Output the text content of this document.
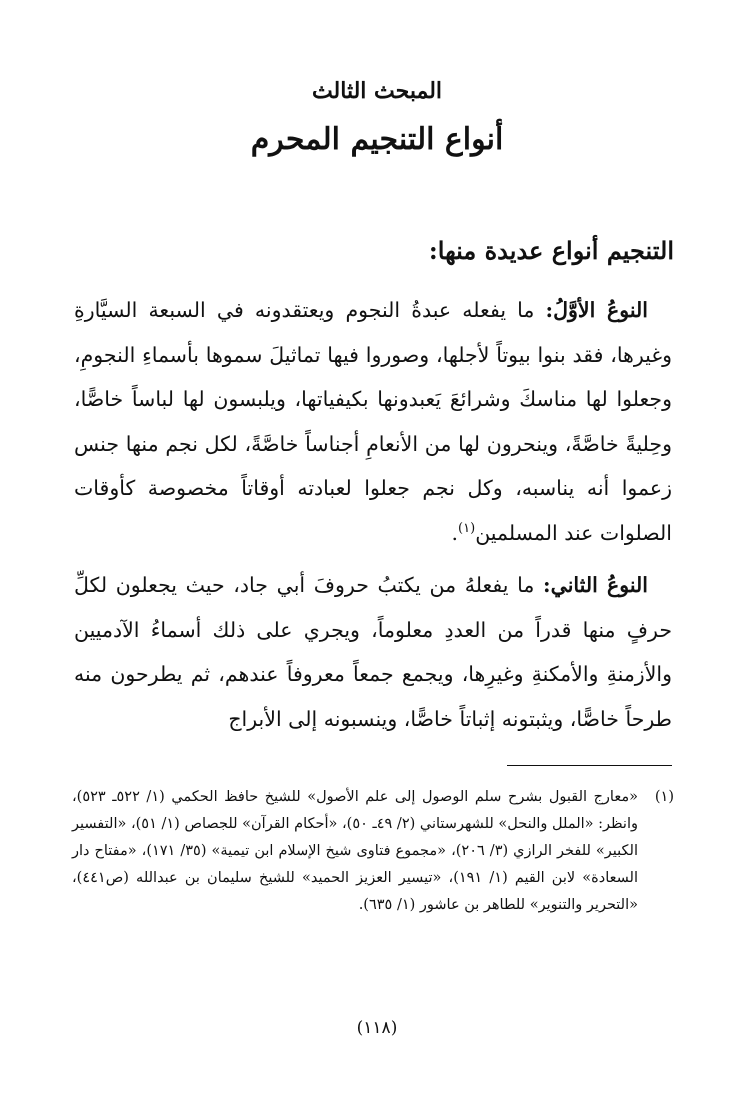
المبحث الثالث
أنواع التنجيم المحرم
التنجيم أنواع عديدة منها:

النوعُ الأوَّلُ: ما يفعله عبدةُ النجوم ويعتقدونه في السبعة السيَّارةِ وغيرها، فقد بنوا بيوتاً لأجلها، وصوروا فيها تماثيلَ سموها بأسماءِ النجومِ، وجعلوا لها مناسكَ وشرائعَ يَعبدونها بكيفياتها، ويلبسون لها لباساً خاصًّا، وحِليةً خاصَّةً، وينحرون لها من الأنعامِ أجناساً خاصَّةً، لكل نجم منها جنس زعموا أنه يناسبه، وكل نجم جعلوا لعبادته أوقاتاً مخصوصة كأوقات الصلوات عند المسلمين$^{(١)}$.

النوعُ الثاني: ما يفعلهُ من يكتبُ حروفَ أبي جاد، حيث يجعلون لكلِّ حرفٍ منها قدراً من العددِ معلوماً، ويجري على ذلك أسماءُ الآدميين والأزمنةِ والأمكنةِ وغيرِها، ويجمع جمعاً معروفاً عندهم، ثم يطرحون منه طرحاً خاصًّا، ويثبتونه إثباتاً خاصًّا، وينسبونه إلى الأبراج

(١)
«معارج القبول بشرح سلم الوصول إلى علم الأصول» للشيخ حافظ الحكمي (١/ ٥٢٢ـ ٥٢٣)، وانظر: «الملل والنحل» للشهرستاني (٢/ ٤٩ـ ٥٠)، «أحكام القرآن» للجصاص (١/ ٥١)، «التفسير الكبير» للفخر الرازي (٣/ ٢٠٦)، «مجموع فتاوى شيخ الإسلام ابن تيمية» (٣٥/ ١٧١)، «مفتاح دار السعادة» لابن القيم (١/ ١٩١)، «تيسير العزيز الحميد» للشيخ سليمان بن عبدالله (ص٤٤١)، «التحرير والتنوير» للطاهر بن عاشور (١/ ٦٣٥).
(١١٨)
